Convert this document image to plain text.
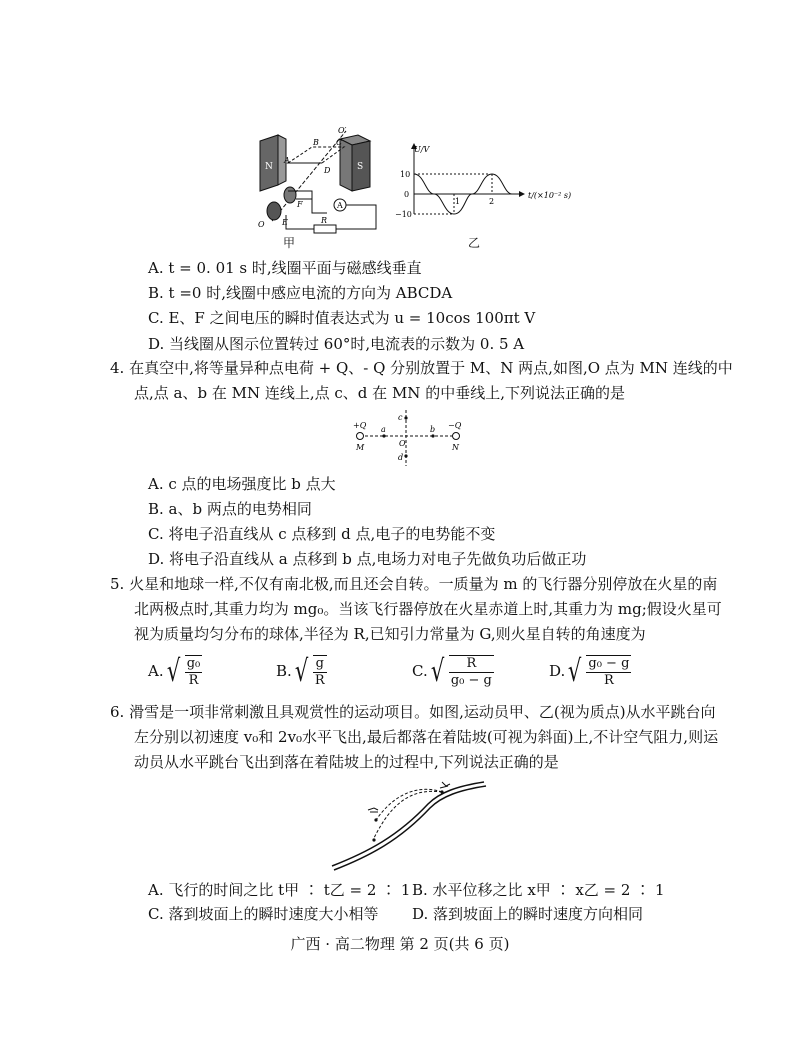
N	S
A
B C
D
E
F
O
O′
A
R
甲
U/V
t/(×10⁻² s)
10
0
−10
1	2
乙
A. t = 0. 01 s 时,线圈平面与磁感线垂直
B. t =0 时,线圈中感应电流的方向为 ABCDA
C. E、F 之间电压的瞬时值表达式为 u = 10cos 100πt V
D. 当线圈从图示位置转过 60°时,电流表的示数为 0. 5 A
4. 在真空中,将等量异种点电荷 + Q、- Q 分别放置于 M、N 两点,如图,O 点为 MN 连线的中
点,点 a、b 在 MN 连线上,点 c、d 在 MN 的中垂线上,下列说法正确的是
+Q	−Q
M	N
a	b
c
d
O
A. c 点的电场强度比 b 点大
B. a、b 两点的电势相同
C. 将电子沿直线从 c 点移到 d 点,电子的电势能不变
D. 将电子沿直线从 a 点移到 b 点,电场力对电子先做负功后做正功
5. 火星和地球一样,不仅有南北极,而且还会自转。一质量为 m 的飞行器分别停放在火星的南
北两极点时,其重力均为 mg₀。当该飞行器停放在火星赤道上时,其重力为 mg;假设火星可
视为质量均匀分布的球体,半径为 R,已知引力常量为 G,则火星自转的角速度为
$A.√ \frac{\text{g₀}}{R}$	$B.√ \frac{g}{R}$	$C.√ \frac{R}{\text{g₀ − g}}$	$D.√ \frac{\text{g₀ − g}}{R}$
6. 滑雪是一项非常刺激且具观赏性的运动项目。如图,运动员甲、乙(视为质点)从水平跳台向
左分别以初速度 v₀和 2v₀水平飞出,最后都落在着陆坡(可视为斜面)上,不计空气阻力,则运
动员从水平跳台飞出到落在着陆坡上的过程中,下列说法正确的是
A. 飞行的时间之比 t甲 ∶ t乙 = 2 ∶ 1 B. 水平位移之比 x甲 ∶ x乙 = 2 ∶ 1
C. 落到坡面上的瞬时速度大小相等 D. 落到坡面上的瞬时速度方向相同
广西 · 高二物理 第 2 页(共 6 页)
